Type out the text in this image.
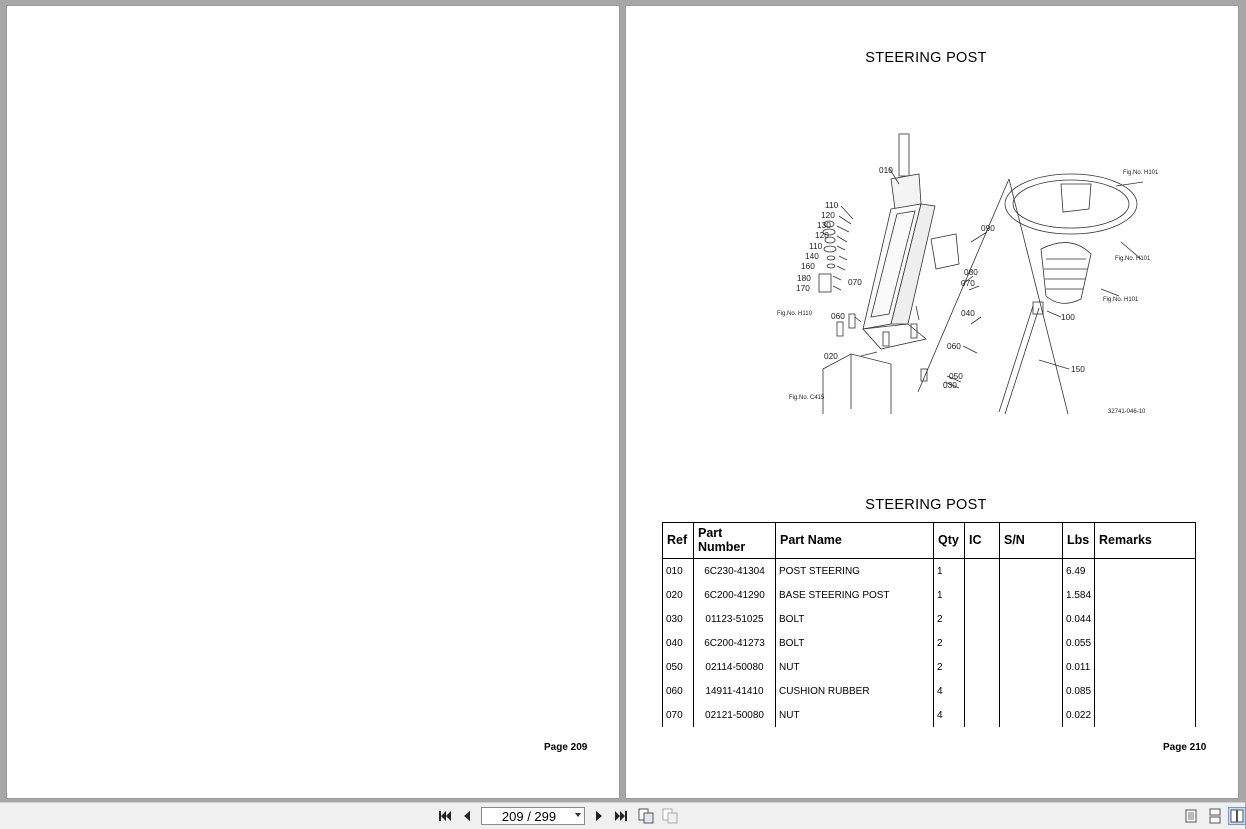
Page 209
STEERING POST
010
110
120
130
120
110
140
160
180
170
070
060
020
090
080
070
040
060
050
030
100
150
Fig.No. H110
Fig.No. C415
Fig.No. H101
Fig.No. H101
Fig.No. H101
32741-046-10
STEERING POST
Ref	Part Number	Part Name	Qty	IC	S/N	Lbs	Remarks
010	6C230-41304	POST STEERING	1			6.49	
020	6C200-41290	BASE STEERING POST	1			1.584	
030	01123-51025	BOLT	2			0.044	
040	6C200-41273	BOLT	2			0.055	
050	02114-50080	NUT	2			0.011	
060	14911-41410	CUSHION RUBBER	4			0.085	
070	02121-50080	NUT	4			0.022	
Page 210
209 / 299
